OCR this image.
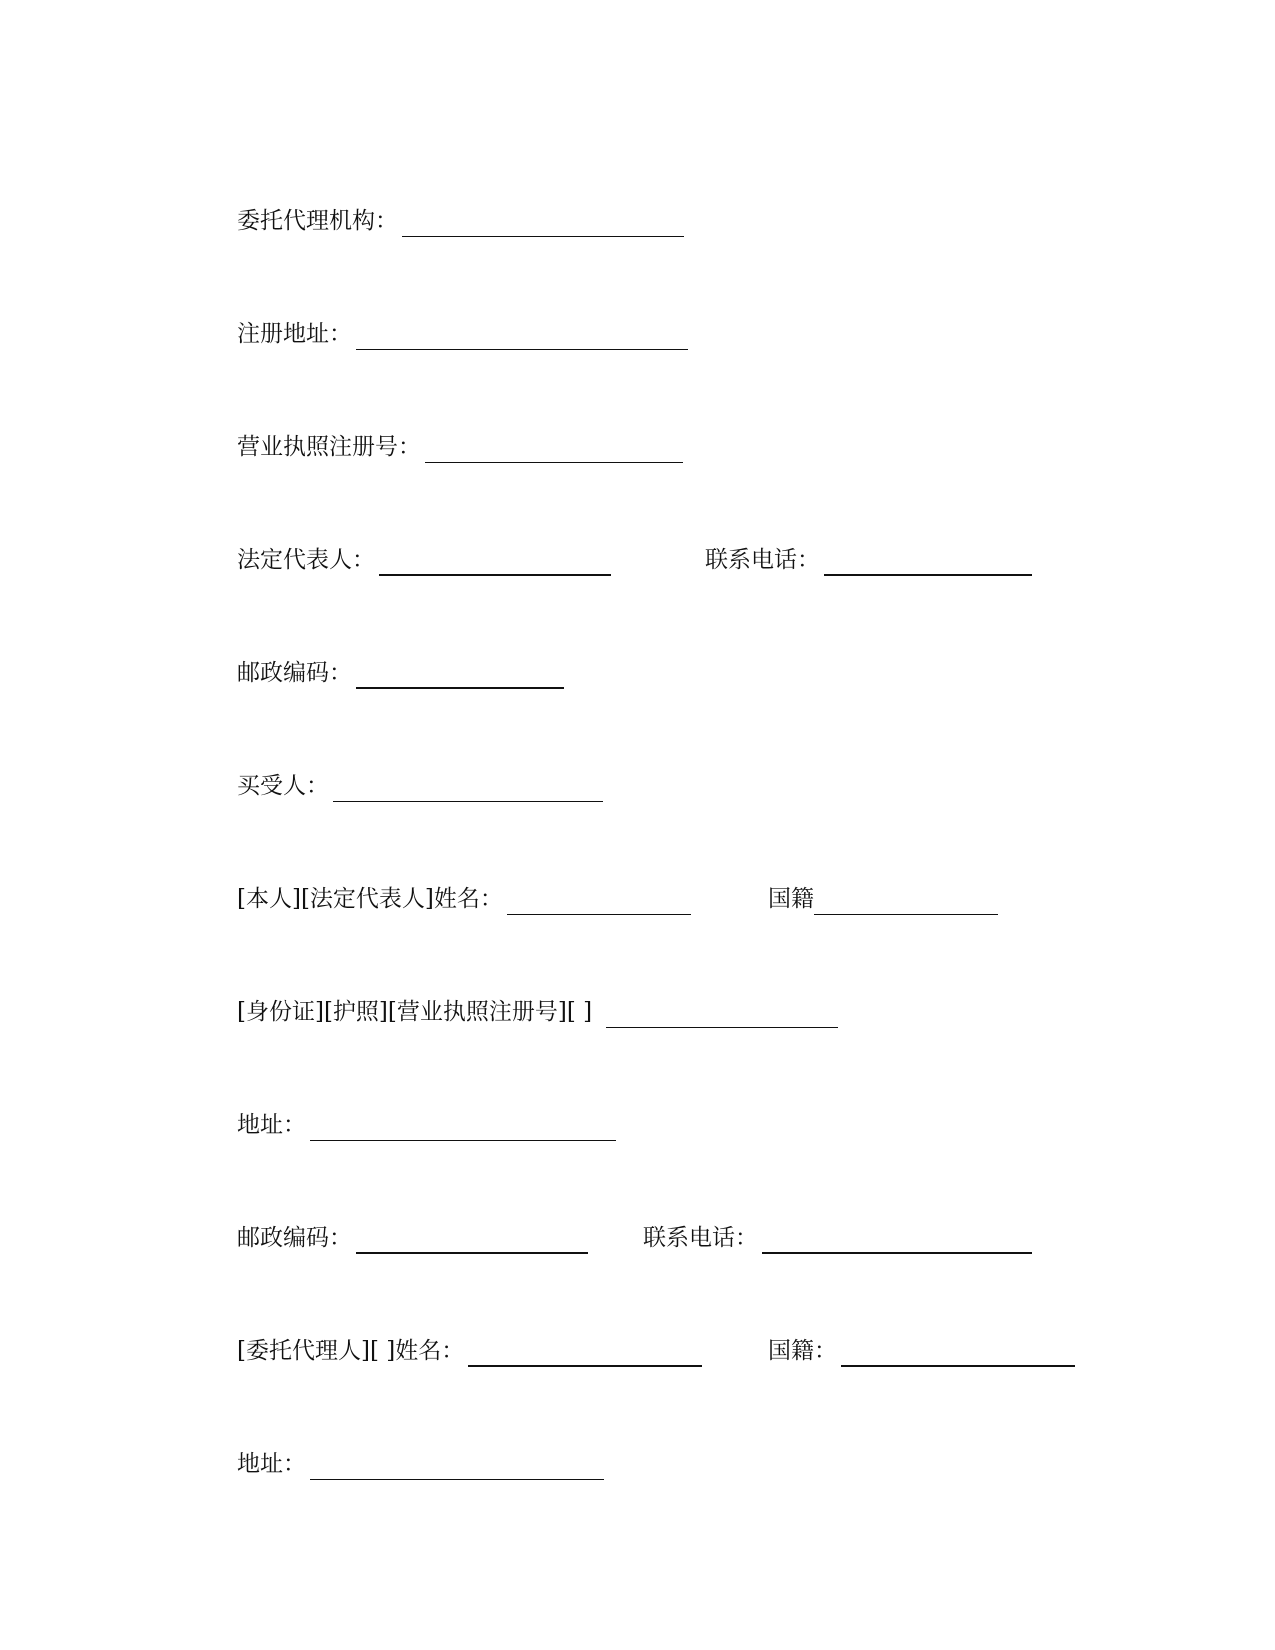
委托代理机构：
注册地址：
营业执照注册号：
法定代表人：	联系电话：
邮政编码：
买受人：
[本人][法定代表人]姓名：	国籍
[身份证][护照][营业执照注册号][ ]
地址：
邮政编码：	联系电话：
[委托代理人][ ]姓名：	国籍：
地址：
